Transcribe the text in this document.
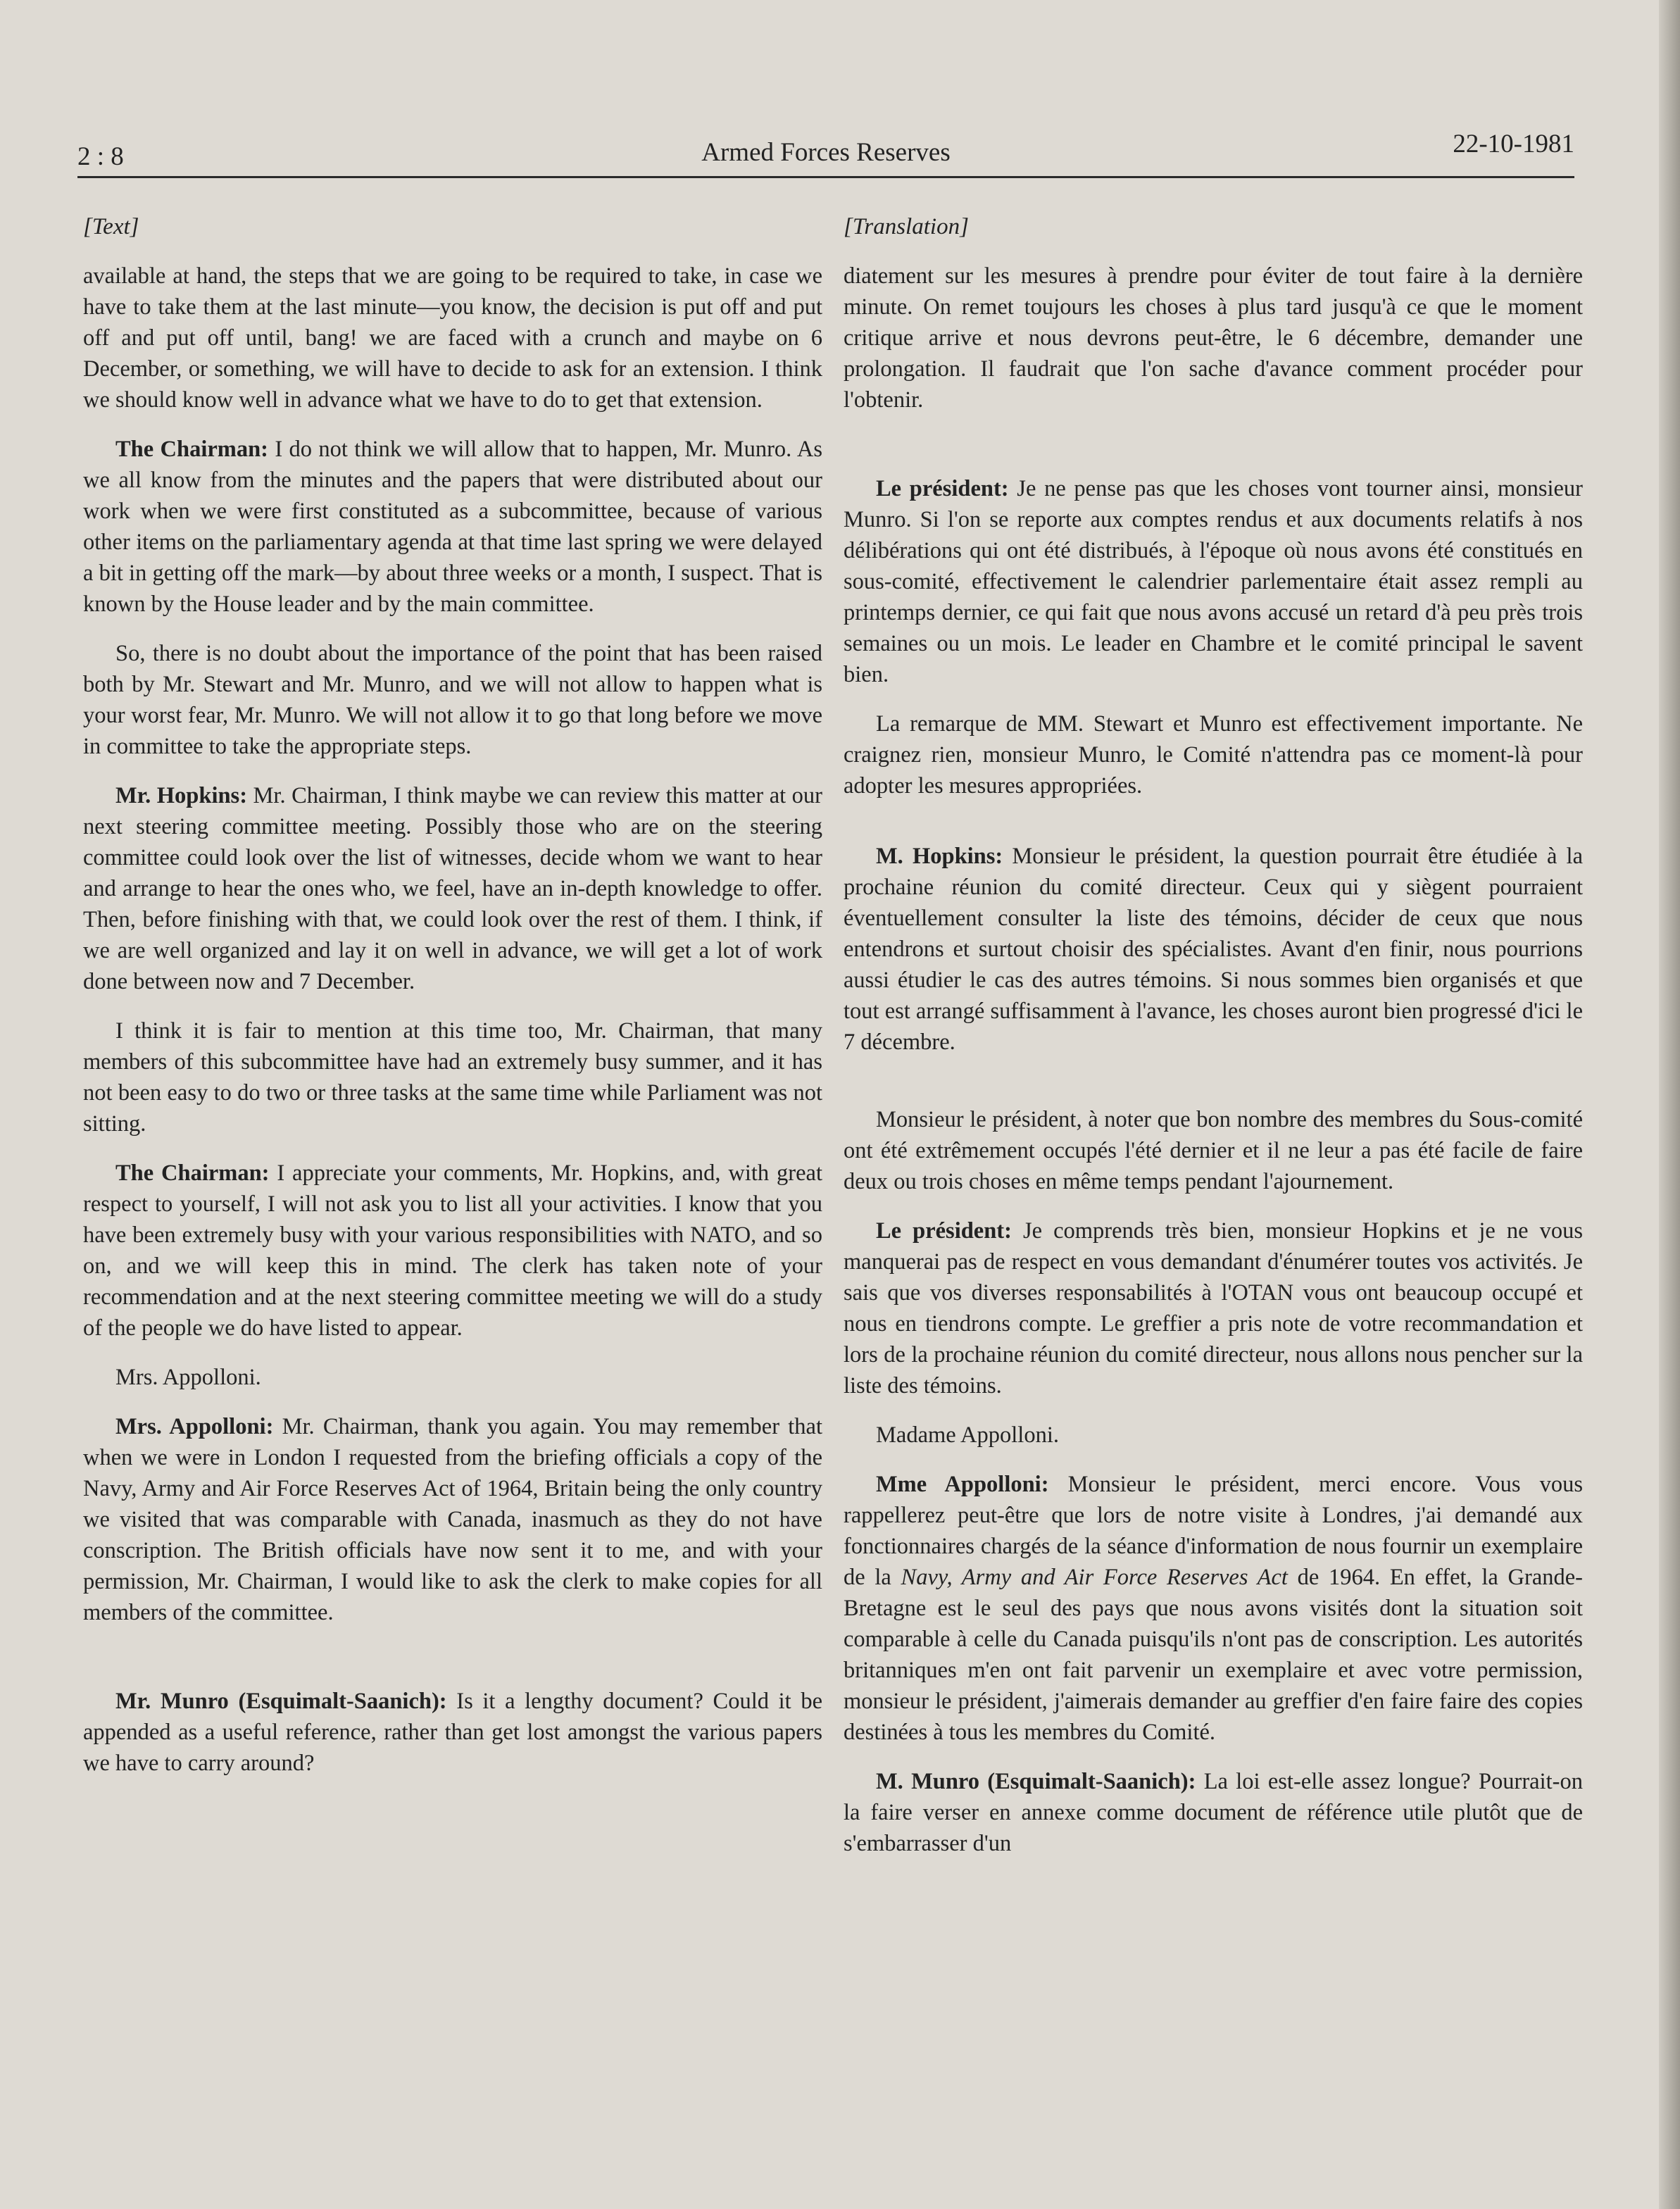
2 : 8	Armed Forces Reserves	22-10-1981

[Text]

available at hand, the steps that we are going to be required to take, in case we have to take them at the last minute—you know, the decision is put off and put off and put off until, bang! we are faced with a crunch and maybe on 6 December, or something, we will have to decide to ask for an extension. I think we should know well in advance what we have to do to get that extension.

The Chairman: I do not think we will allow that to happen, Mr. Munro. As we all know from the minutes and the papers that were distributed about our work when we were first constituted as a subcommittee, because of various other items on the parliamentary agenda at that time last spring we were delayed a bit in getting off the mark—by about three weeks or a month, I suspect. That is known by the House leader and by the main committee.

So, there is no doubt about the importance of the point that has been raised both by Mr. Stewart and Mr. Munro, and we will not allow to happen what is your worst fear, Mr. Munro. We will not allow it to go that long before we move in committee to take the appropriate steps.

Mr. Hopkins: Mr. Chairman, I think maybe we can review this matter at our next steering committee meeting. Possibly those who are on the steering committee could look over the list of witnesses, decide whom we want to hear and arrange to hear the ones who, we feel, have an in-depth knowledge to offer. Then, before finishing with that, we could look over the rest of them. I think, if we are well organized and lay it on well in advance, we will get a lot of work done between now and 7 December.

I think it is fair to mention at this time too, Mr. Chairman, that many members of this subcommittee have had an extremely busy summer, and it has not been easy to do two or three tasks at the same time while Parliament was not sitting.

The Chairman: I appreciate your comments, Mr. Hopkins, and, with great respect to yourself, I will not ask you to list all your activities. I know that you have been extremely busy with your various responsibilities with NATO, and so on, and we will keep this in mind. The clerk has taken note of your recommendation and at the next steering committee meeting we will do a study of the people we do have listed to appear.

Mrs. Appolloni.

Mrs. Appolloni: Mr. Chairman, thank you again. You may remember that when we were in London I requested from the briefing officials a copy of the Navy, Army and Air Force Reserves Act of 1964, Britain being the only country we visited that was comparable with Canada, inasmuch as they do not have conscription. The British officials have now sent it to me, and with your permission, Mr. Chairman, I would like to ask the clerk to make copies for all members of the committee.

Mr. Munro (Esquimalt-Saanich): Is it a lengthy document? Could it be appended as a useful reference, rather than get lost amongst the various papers we have to carry around?

[Translation]

diatement sur les mesures à prendre pour éviter de tout faire à la dernière minute. On remet toujours les choses à plus tard jusqu'à ce que le moment critique arrive et nous devrons peut-être, le 6 décembre, demander une prolongation. Il faudrait que l'on sache d'avance comment procéder pour l'obtenir.

Le président: Je ne pense pas que les choses vont tourner ainsi, monsieur Munro. Si l'on se reporte aux comptes rendus et aux documents relatifs à nos délibérations qui ont été distribués, à l'époque où nous avons été constitués en sous-comité, effectivement le calendrier parlementaire était assez rempli au printemps dernier, ce qui fait que nous avons accusé un retard d'à peu près trois semaines ou un mois. Le leader en Chambre et le comité principal le savent bien.

La remarque de MM. Stewart et Munro est effectivement importante. Ne craignez rien, monsieur Munro, le Comité n'attendra pas ce moment-là pour adopter les mesures appropriées.

M. Hopkins: Monsieur le président, la question pourrait être étudiée à la prochaine réunion du comité directeur. Ceux qui y siègent pourraient éventuellement consulter la liste des témoins, décider de ceux que nous entendrons et surtout choisir des spécialistes. Avant d'en finir, nous pourrions aussi étudier le cas des autres témoins. Si nous sommes bien organisés et que tout est arrangé suffisamment à l'avance, les choses auront bien progressé d'ici le 7 décembre.

Monsieur le président, à noter que bon nombre des membres du Sous-comité ont été extrêmement occupés l'été dernier et il ne leur a pas été facile de faire deux ou trois choses en même temps pendant l'ajournement.

Le président: Je comprends très bien, monsieur Hopkins et je ne vous manquerai pas de respect en vous demandant d'énumérer toutes vos activités. Je sais que vos diverses responsabilités à l'OTAN vous ont beaucoup occupé et nous en tiendrons compte. Le greffier a pris note de votre recommandation et lors de la prochaine réunion du comité directeur, nous allons nous pencher sur la liste des témoins.

Madame Appolloni.

Mme Appolloni: Monsieur le président, merci encore. Vous vous rappellerez peut-être que lors de notre visite à Londres, j'ai demandé aux fonctionnaires chargés de la séance d'information de nous fournir un exemplaire de la Navy, Army and Air Force Reserves Act de 1964. En effet, la Grande-Bretagne est le seul des pays que nous avons visités dont la situation soit comparable à celle du Canada puisqu'ils n'ont pas de conscription. Les autorités britanniques m'en ont fait parvenir un exemplaire et avec votre permission, monsieur le président, j'aimerais demander au greffier d'en faire faire des copies destinées à tous les membres du Comité.

M. Munro (Esquimalt-Saanich): La loi est-elle assez longue? Pourrait-on la faire verser en annexe comme document de référence utile plutôt que de s'embarrasser d'un
